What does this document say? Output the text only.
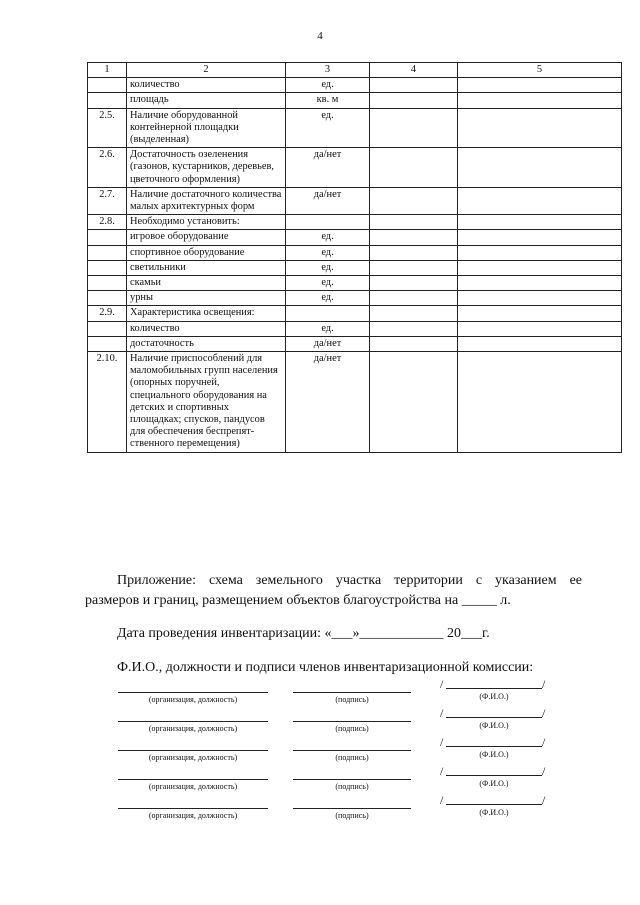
4
1	2	3	4	5
	количество	ед.		
	площадь	кв. м		
2.5.	Наличие оборудованной контейнерной площадки (выделенная)	ед.		
2.6.	Достаточность озеленения (газонов, кустарников, деревьев, цветочного оформления)	да/нет		
2.7.	Наличие достаточного количества малых архитектурных форм	да/нет		
2.8.	Необходимо установить:			
	игровое оборудование	ед.		
	спортивное оборудование	ед.		
	светильники	ед.		
	скамьи	ед.		
	урны	ед.		
2.9.	Характеристика освещения:			
	количество	ед.		
	достаточность	да/нет		
2.10.	Наличие приспособлений для маломобильных групп населения (опорных поручней, специального оборудования на детских и спортивных площадках; спусков, пандусов для обеспечения беспрепят-ственного перемещения)	да/нет		

Приложение: схема земельного участка территории с указанием ее

размеров и границ, размещением объектов благоустройства на _____ л.

Дата проведения инвентаризации: «___»____________ 20___г.
Ф.И.О., должности и подписи членов инвентаризационной комиссии:
(организация, должность)	(подпись)
/	/
(Ф.И.О.)
(организация, должность)	(подпись)
/	/
(Ф.И.О.)
(организация, должность)	(подпись)
/	/
(Ф.И.О.)
(организация, должность)	(подпись)
/	/
(Ф.И.О.)
(организация, должность)	(подпись)
/	/
(Ф.И.О.)
